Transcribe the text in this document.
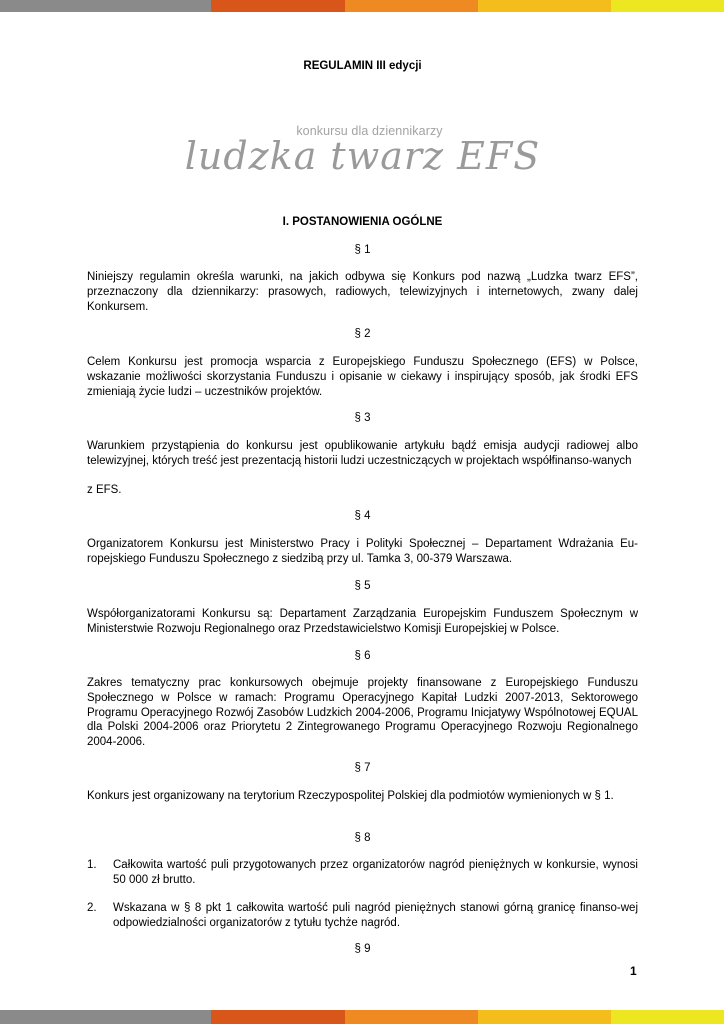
REGULAMIN III edycji
konkursu dla dziennikarzy
ludzka twarz EFS
I. POSTANOWIENIA OGÓLNE
§ 1
Niniejszy regulamin określa warunki, na jakich odbywa się Konkurs pod nazwą „Ludzka twarz EFS”, przeznaczony dla dziennikarzy: prasowych, radiowych, telewizyjnych i internetowych, zwany dalej Konkursem.
§ 2
Celem Konkursu jest promocja wsparcia z Europejskiego Funduszu Społecznego (EFS) w Polsce, wskazanie możliwości skorzystania Funduszu i opisanie w ciekawy i inspirujący sposób, jak środki EFS zmieniają życie ludzi – uczestników projektów.
§ 3
Warunkiem przystąpienia do konkursu jest opublikowanie artykułu bądź emisja audycji radiowej albo telewizyjnej, których treść jest prezentacją historii ludzi uczestniczących w projektach współfinanso-wanych
z EFS.
§ 4
Organizatorem Konkursu jest Ministerstwo Pracy i Polityki Społecznej – Departament Wdrażania Eu-ropejskiego Funduszu Społecznego z siedzibą przy ul. Tamka 3, 00-379 Warszawa.
§ 5
Współorganizatorami Konkursu są: Departament Zarządzania Europejskim Funduszem Społecznym w Ministerstwie Rozwoju Regionalnego oraz Przedstawicielstwo Komisji Europejskiej w Polsce.
§ 6
Zakres tematyczny prac konkursowych obejmuje projekty finansowane z Europejskiego Funduszu Społecznego w Polsce w ramach: Programu Operacyjnego Kapitał Ludzki 2007-2013, Sektorowego Programu Operacyjnego Rozwój Zasobów Ludzkich 2004-2006, Programu Inicjatywy Wspólnotowej EQUAL dla Polski 2004-2006 oraz Priorytetu 2 Zintegrowanego Programu Operacyjnego Rozwoju Regionalnego 2004-2006.
§ 7
Konkurs jest organizowany na terytorium Rzeczypospolitej Polskiej dla podmiotów wymienionych w § 1.
§ 8
1. Całkowita wartość puli przygotowanych przez organizatorów nagród pieniężnych w konkursie, wynosi 50 000 zł brutto.
2. Wskazana w § 8 pkt 1 całkowita wartość puli nagród pieniężnych stanowi górną granicę finanso-wej odpowiedzialności organizatorów z tytułu tychże nagród.
§ 9
1
